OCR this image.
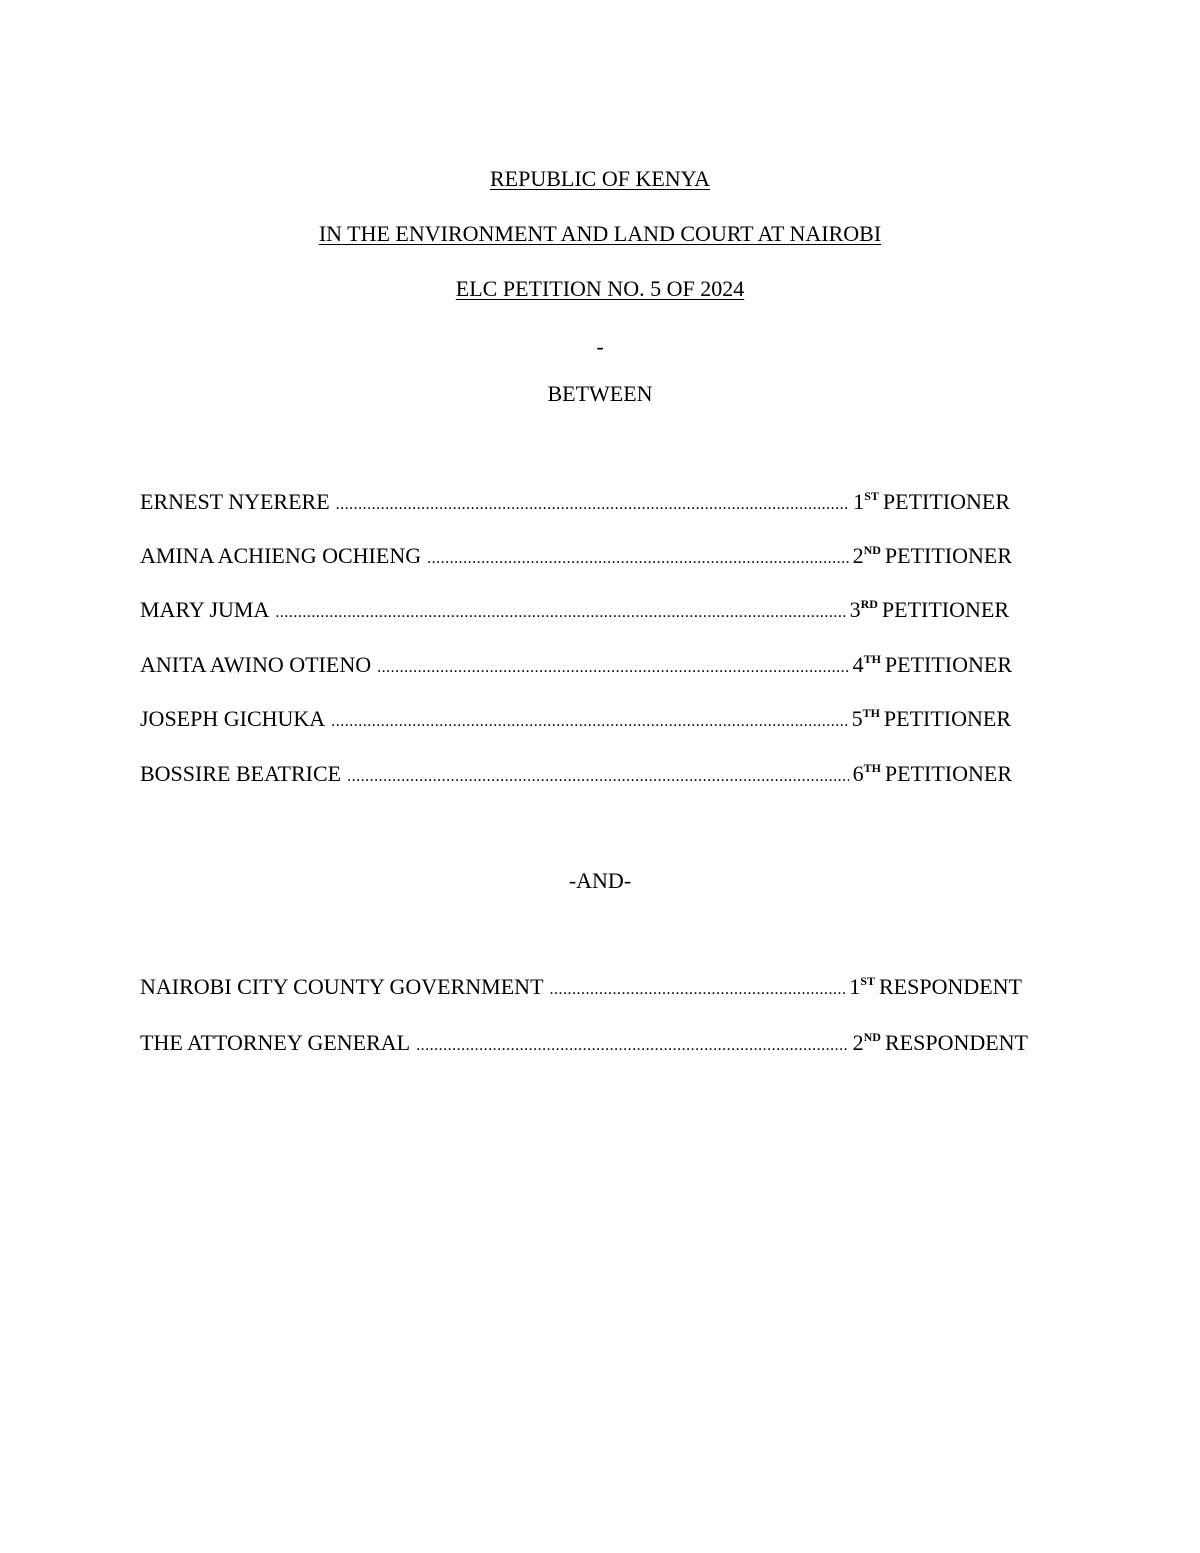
REPUBLIC OF KENYA
IN THE ENVIRONMENT AND LAND COURT AT NAIROBI
ELC PETITION NO. 5 OF 2024
-
BETWEEN
ERNEST NYERERE .....	1ST PETITIONER
AMINA ACHIENG OCHIENG .....	2ND PETITIONER
MARY JUMA .....	3RD PETITIONER
ANITA AWINO OTIENO .....	4TH PETITIONER
JOSEPH GICHUKA .....	5TH PETITIONER
BOSSIRE BEATRICE .....	6TH PETITIONER
-AND-
NAIROBI CITY COUNTY GOVERNMENT .....	1ST RESPONDENT
THE ATTORNEY GENERAL .....	2ND RESPONDENT
